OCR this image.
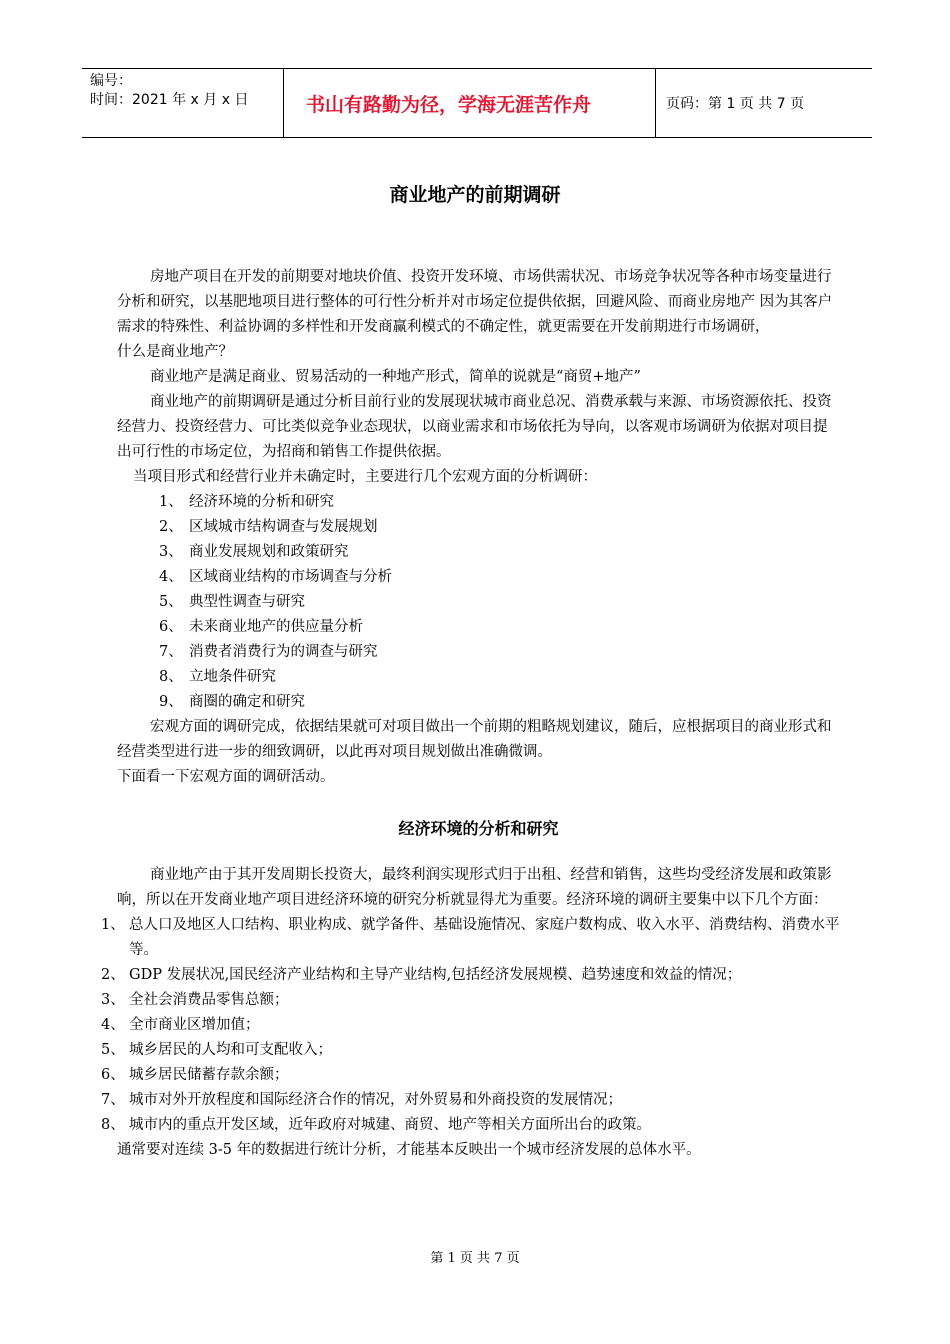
编号：
时间：2021 年 x 月 x 日	书山有路勤为径，学海无涯苦作舟	页码：第 1 页 共 7 页
商业地产的前期调研

房地产项目在开发的前期要对地块价值、投资开发环境、市场供需状况、市场竞争状况等各种市场变量进行分析和研究，以基肥地项目进行整体的可行性分析并对市场定位提供依据，回避风险、而商业房地产 因为其客户需求的特殊性、利益协调的多样性和开发商赢利模式的不确定性，就更需要在开发前期进行市场调研，

什么是商业地产？

商业地产是满足商业、贸易活动的一种地产形式，简单的说就是“商贸+地产”

商业地产的前期调研是通过分析目前行业的发展现状城市商业总况、消费承载与来源、市场资源依托、投资经营力、投资经营力、可比类似竞争业态现状，以商业需求和市场依托为导向，以客观市场调研为依据对项目提出可行性的市场定位，为招商和销售工作提供依据。

当项目形式和经营行业并未确定时，主要进行几个宏观方面的分析调研：

1、 经济环境的分析和研究
2、 区域城市结构调查与发展规划
3、 商业发展规划和政策研究
4、 区域商业结构的市场调查与分析
5、 典型性调查与研究
6、 未来商业地产的供应量分析
7、 消费者消费行为的调查与研究
8、 立地条件研究
9、 商圈的确定和研究

宏观方面的调研完成，依据结果就可对项目做出一个前期的粗略规划建议，随后，应根据项目的商业形式和经营类型进行进一步的细致调研，以此再对项目规划做出准确微调。

下面看一下宏观方面的调研活动。

经济环境的分析和研究

商业地产由于其开发周期长投资大，最终利润实现形式归于出租、经营和销售，这些均受经济发展和政策影响，所以在开发商业地产项目进经济环境的研究分析就显得尤为重要。经济环境的调研主要集中以下几个方面：

1、 总人口及地区人口结构、职业构成、就学备件、基础设施情况、家庭户数构成、收入水平、消费结构、消费水平等。
2、 GDP 发展状况,国民经济产业结构和主导产业结构,包括经济发展规模、趋势速度和效益的情况；
3、 全社会消费品零售总额；
4、 全市商业区增加值；
5、 城乡居民的人均和可支配收入；
6、 城乡居民储蓄存款余额；
7、 城市对外开放程度和国际经济合作的情况，对外贸易和外商投资的发展情况；
8、 城市内的重点开发区域，近年政府对城建、商贸、地产等相关方面所出台的政策。

通常要对连续 3-5 年的数据进行统计分析，才能基本反映出一个城市经济发展的总体水平。

第 1 页 共 7 页
